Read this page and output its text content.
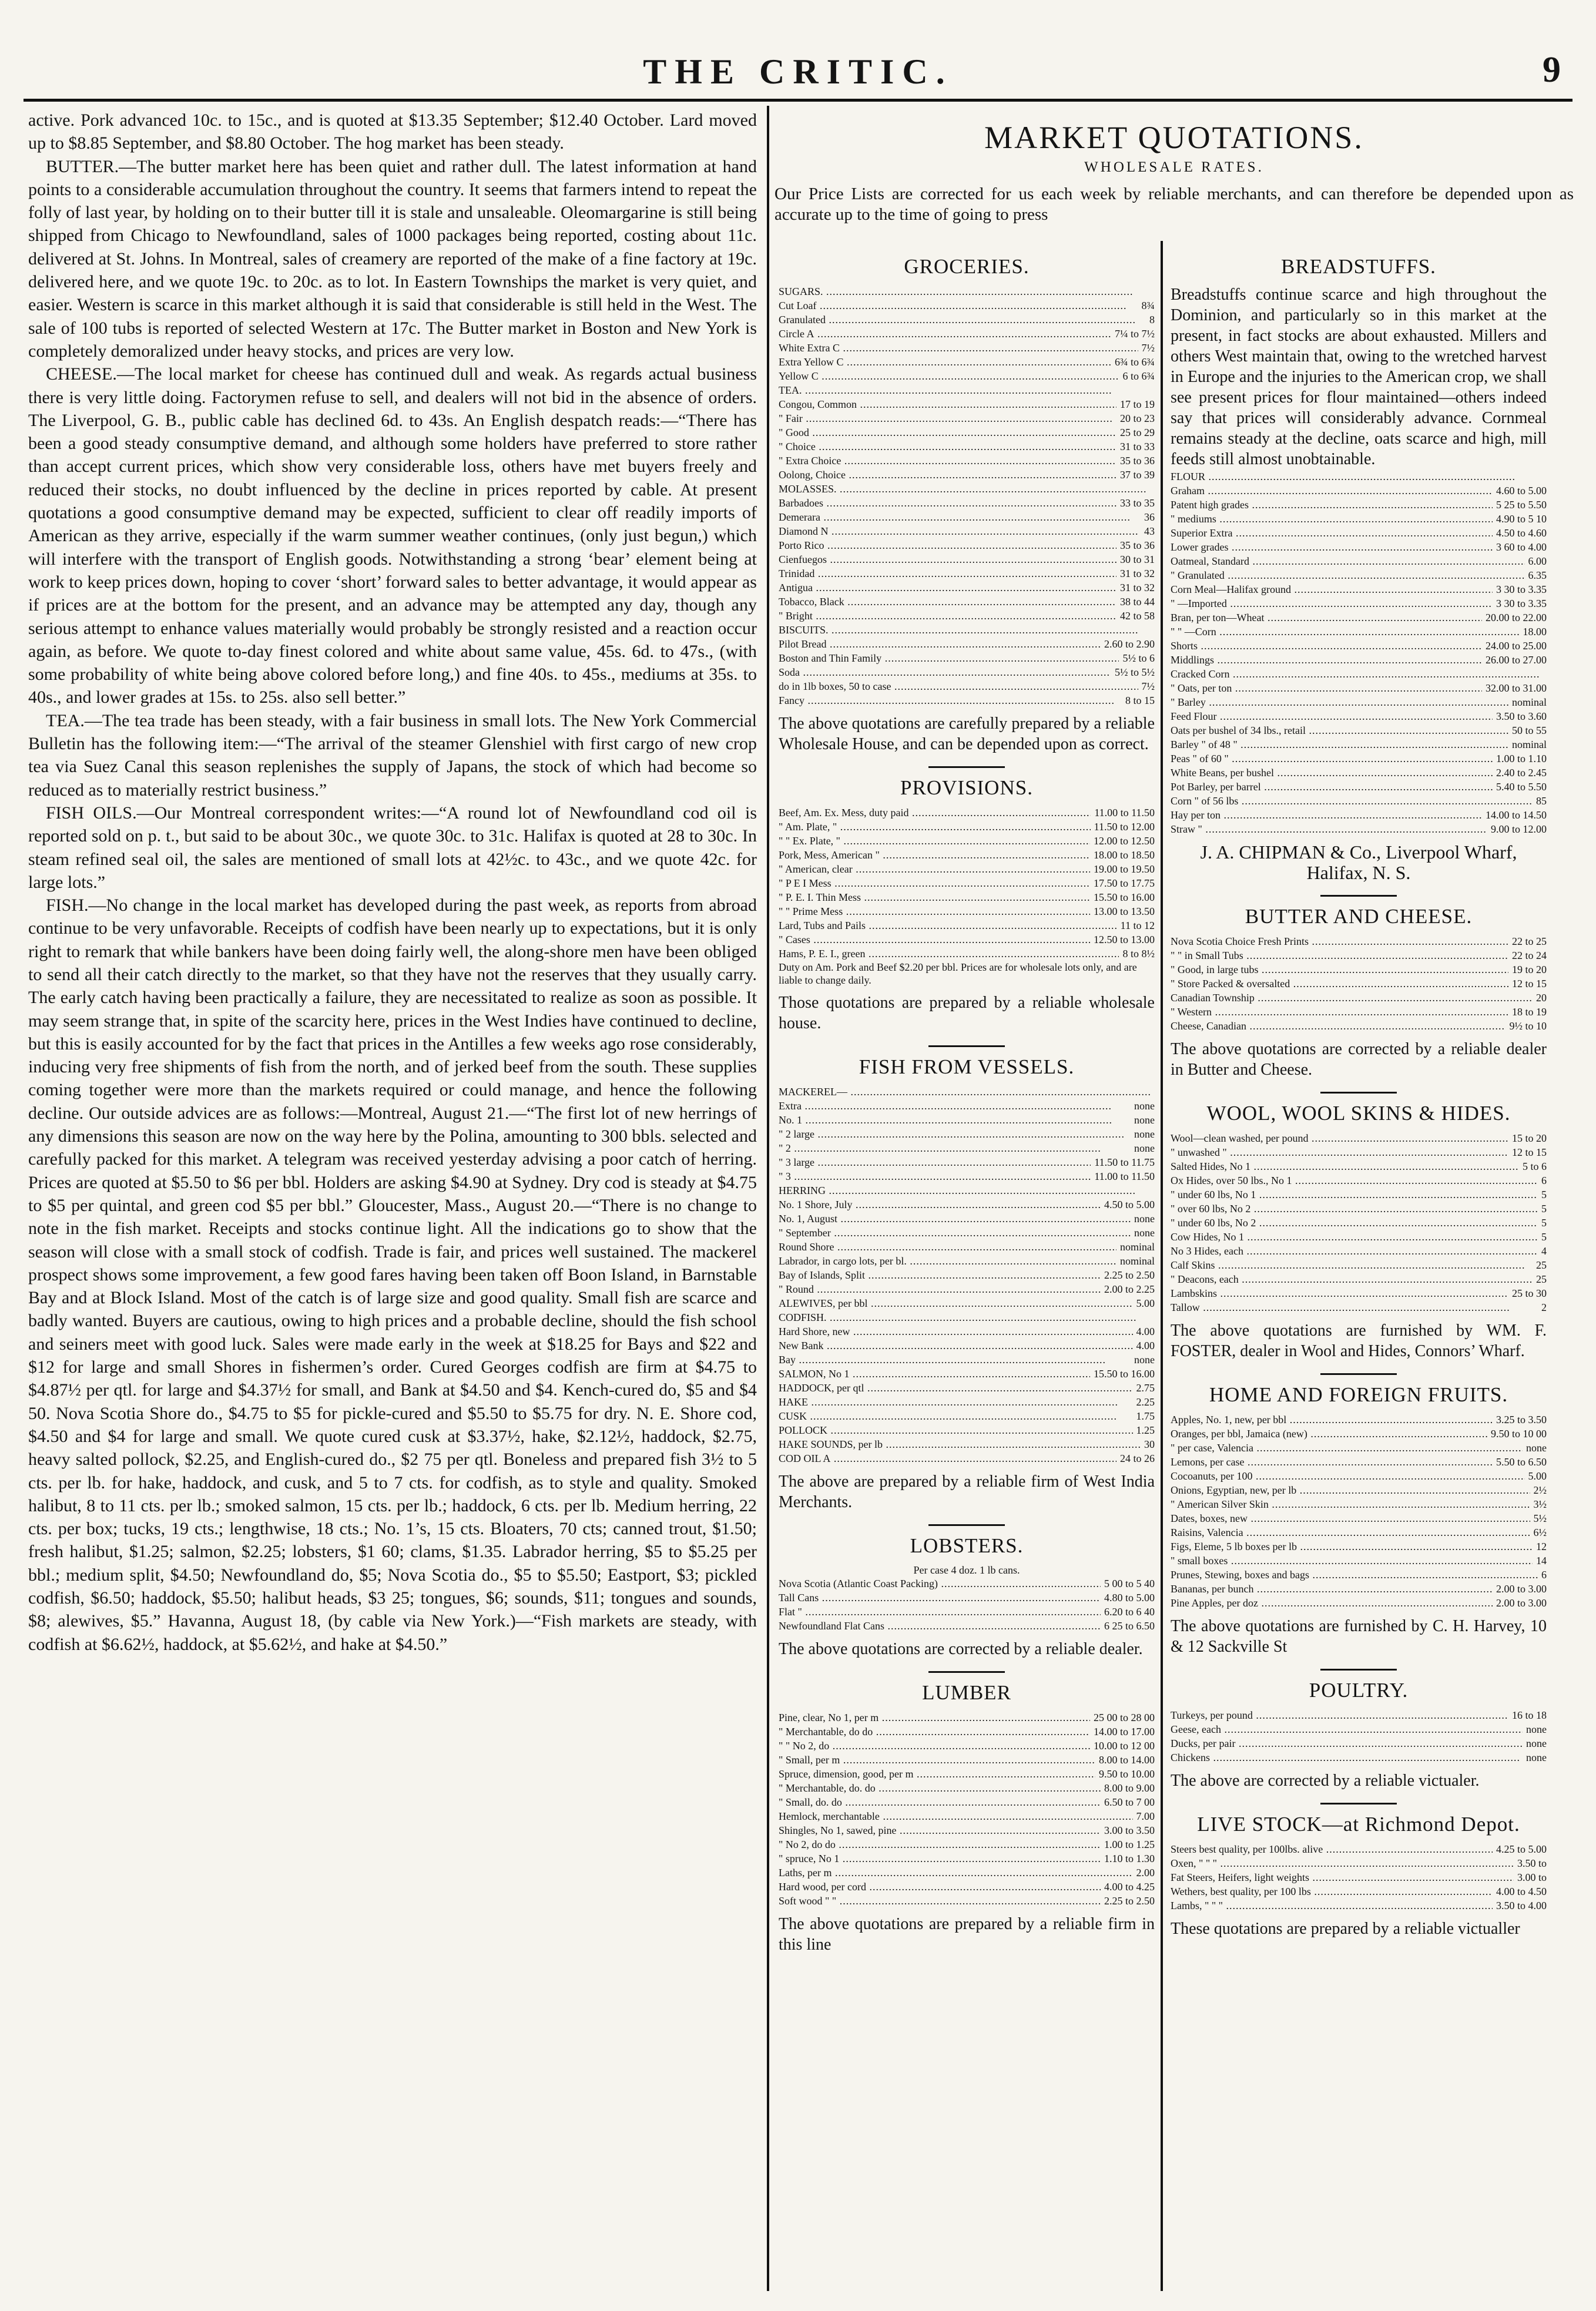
THE CRITIC.	9

active. Pork advanced 10c. to 15c., and is quoted at $13.35 September; $12.40 October. Lard moved up to $8.85 September, and $8.80 October. The hog market has been steady.

BUTTER.—The butter market here has been quiet and rather dull. The latest information at hand points to a considerable accumulation throughout the country. It seems that farmers intend to repeat the folly of last year, by holding on to their butter till it is stale and unsaleable. Oleomargarine is still being shipped from Chicago to Newfoundland, sales of 1000 packages being reported, costing about 11c. delivered at St. Johns. In Montreal, sales of creamery are reported of the make of a fine factory at 19c. delivered here, and we quote 19c. to 20c. as to lot. In Eastern Townships the market is very quiet, and easier. Western is scarce in this market although it is said that considerable is still held in the West. The sale of 100 tubs is reported of selected Western at 17c. The Butter market in Boston and New York is completely demoralized under heavy stocks, and prices are very low.

CHEESE.—The local market for cheese has continued dull and weak. As regards actual business there is very little doing. Factorymen refuse to sell, and dealers will not bid in the absence of orders. The Liverpool, G. B., public cable has declined 6d. to 43s. An English despatch reads:—“There has been a good steady consumptive demand, and although some holders have preferred to store rather than accept current prices, which show very considerable loss, others have met buyers freely and reduced their stocks, no doubt influenced by the decline in prices reported by cable. At present quotations a good consumptive demand may be expected, sufficient to clear off readily imports of American as they arrive, especially if the warm summer weather continues, (only just begun,) which will interfere with the transport of English goods. Notwithstanding a strong ‘bear’ element being at work to keep prices down, hoping to cover ‘short’ forward sales to better advantage, it would appear as if prices are at the bottom for the present, and an advance may be attempted any day, though any serious attempt to enhance values materially would probably be strongly resisted and a reaction occur again, as before. We quote to-day finest colored and white about same value, 45s. 6d. to 47s., (with some probability of white being above colored before long,) and fine 40s. to 45s., mediums at 35s. to 40s., and lower grades at 15s. to 25s. also sell better.”

TEA.—The tea trade has been steady, with a fair business in small lots. The New York Commercial Bulletin has the following item:—“The arrival of the steamer Glenshiel with first cargo of new crop tea via Suez Canal this season replenishes the supply of Japans, the stock of which had become so reduced as to materially restrict business.”

FISH OILS.—Our Montreal correspondent writes:—“A round lot of Newfoundland cod oil is reported sold on p. t., but said to be about 30c., we quote 30c. to 31c. Halifax is quoted at 28 to 30c. In steam refined seal oil, the sales are mentioned of small lots at 42½c. to 43c., and we quote 42c. for large lots.”

FISH.—No change in the local market has developed during the past week, as reports from abroad continue to be very unfavorable. Receipts of codfish have been nearly up to expectations, but it is only right to remark that while bankers have been doing fairly well, the along-shore men have been obliged to send all their catch directly to the market, so that they have not the reserves that they usually carry. The early catch having been practically a failure, they are necessitated to realize as soon as possible. It may seem strange that, in spite of the scarcity here, prices in the West Indies have continued to decline, but this is easily accounted for by the fact that prices in the Antilles a few weeks ago rose considerably, inducing very free shipments of fish from the north, and of jerked beef from the south. These supplies coming together were more than the markets required or could manage, and hence the following decline. Our outside advices are as follows:—Montreal, August 21.—“The first lot of new herrings of any dimensions this season are now on the way here by the Polina, amounting to 300 bbls. selected and carefully packed for this market. A telegram was received yesterday advising a poor catch of herring. Prices are quoted at $5.50 to $6 per bbl. Holders are asking $4.90 at Sydney. Dry cod is steady at $4.75 to $5 per quintal, and green cod $5 per bbl.” Gloucester, Mass., August 20.—“There is no change to note in the fish market. Receipts and stocks continue light. All the indications go to show that the season will close with a small stock of codfish. Trade is fair, and prices well sustained. The mackerel prospect shows some improvement, a few good fares having been taken off Boon Island, in Barnstable Bay and at Block Island. Most of the catch is of large size and good quality. Small fish are scarce and badly wanted. Buyers are cautious, owing to high prices and a probable decline, should the fish school and seiners meet with good luck. Sales were made early in the week at $18.25 for Bays and $22 and $12 for large and small Shores in fishermen’s order. Cured Georges codfish are firm at $4.75 to $4.87½ per qtl. for large and $4.37½ for small, and Bank at $4.50 and $4. Kench-cured do, $5 and $4 50. Nova Scotia Shore do., $4.75 to $5 for pickle-cured and $5.50 to $5.75 for dry. N. E. Shore cod, $4.50 and $4 for large and small. We quote cured cusk at $3.37½, hake, $2.12½, haddock, $2.75, heavy salted pollock, $2.25, and English-cured do., $2 75 per qtl. Boneless and prepared fish 3½ to 5 cts. per lb. for hake, haddock, and cusk, and 5 to 7 cts. for codfish, as to style and quality. Smoked halibut, 8 to 11 cts. per lb.; smoked salmon, 15 cts. per lb.; haddock, 6 cts. per lb. Medium herring, 22 cts. per box; tucks, 19 cts.; lengthwise, 18 cts.; No. 1’s, 15 cts. Bloaters, 70 cts; canned trout, $1.50; fresh halibut, $1.25; salmon, $2.25; lobsters, $1 60; clams, $1.35. Labrador herring, $5 to $5.25 per bbl.; medium split, $4.50; Newfoundland do, $5; Nova Scotia do., $5 to $5.50; Eastport, $3; pickled codfish, $6.50; haddock, $5.50; halibut heads, $3 25; tongues, $6; sounds, $11; tongues and sounds, $8; alewives, $5.” Havanna, August 18, (by cable via New York.)—“Fish markets are steady, with codfish at $6.62½, haddock, at $5.62½, and hake at $4.50.”

MARKET QUOTATIONS.
WHOLESALE RATES.
Our Price Lists are corrected for us each week by reliable merchants, and can therefore be depended upon as accurate up to the time of going to press
GROCERIES.
SUGARS. .....
Cut Loaf .....	8¾
Granulated .....	8
Circle A .....	7¼ to 7½
White Extra C .....	7½
Extra Yellow C .....	6¾ to 6¾
Yellow C .....	6 to 6¾
TEA. .....
Congou, Common .....	17 to 19
" Fair .....	20 to 23
" Good .....	25 to 29
" Choice .....	31 to 33
" Extra Choice .....	35 to 36
Oolong, Choice .....	37 to 39
MOLASSES. .....
Barbadoes .....	33 to 35
Demerara .....	36
Diamond N .....	43
Porto Rico .....	35 to 36
Cienfuegos .....	30 to 31
Trinidad .....	31 to 32
Antigua .....	31 to 32
Tobacco, Black .....	38 to 44
" Bright .....	42 to 58
BISCUITS. .....
Pilot Bread .....	2.60 to 2.90
Boston and Thin Family .....	5½ to 6
Soda .....	5½ to 5½
do in 1lb boxes, 50 to case .....	7½
Fancy .....	8 to 15
The above quotations are carefully prepared by a reliable Wholesale House, and can be depended upon as correct.
PROVISIONS.
Beef, Am. Ex. Mess, duty paid .....	11.00 to 11.50
" Am. Plate, " .....	11.50 to 12.00
" " Ex. Plate, " .....	12.00 to 12.50
Pork, Mess, American " .....	18.00 to 18.50
" American, clear .....	19.00 to 19.50
" P E I Mess .....	17.50 to 17.75
" P. E. I. Thin Mess .....	15.50 to 16.00
" " Prime Mess .....	13.00 to 13.50
Lard, Tubs and Pails .....	11 to 12
" Cases .....	12.50 to 13.00
Hams, P. E. I., green .....	8 to 8½
Duty on Am. Pork and Beef $2.20 per bbl. Prices are for wholesale lots only, and are liable to change daily.
Those quotations are prepared by a reliable wholesale house.
FISH FROM VESSELS.
MACKEREL— .....
Extra .....	none
No. 1 .....	none
" 2 large .....	none
" 2 .....	none
" 3 large .....	11.50 to 11.75
" 3 .....	11.00 to 11.50
HERRING .....
No. 1 Shore, July .....	4.50 to 5.00
No. 1, August .....	none
" September .....	none
Round Shore .....	nominal
Labrador, in cargo lots, per bl. .....	nominal
Bay of Islands, Split .....	2.25 to 2.50
" Round .....	2.00 to 2.25
ALEWIVES, per bbl .....	5.00
CODFISH. .....
Hard Shore, new .....	4.00
New Bank .....	4.00
Bay .....	none
SALMON, No 1 .....	15.50 to 16.00
HADDOCK, per qtl .....	2.75
HAKE .....	2.25
CUSK .....	1.75
POLLOCK .....	1.25
HAKE SOUNDS, per lb .....	30
COD OIL A .....	24 to 26
The above are prepared by a reliable firm of West India Merchants.
LOBSTERS.
Per case 4 doz. 1 lb cans.
Nova Scotia (Atlantic Coast Packing) .....	5 00 to 5 40
Tall Cans .....	4.80 to 5.00
Flat " .....	6.20 to 6 40
Newfoundland Flat Cans .....	6 25 to 6.50
The above quotations are corrected by a reliable dealer.
LUMBER
Pine, clear, No 1, per m .....	25 00 to 28 00
" Merchantable, do do .....	14.00 to 17.00
" " No 2, do .....	10.00 to 12 00
" Small, per m .....	8.00 to 14.00
Spruce, dimension, good, per m .....	9.50 to 10.00
" Merchantable, do. do .....	8.00 to 9.00
" Small, do. do .....	6.50 to 7 00
Hemlock, merchantable .....	7.00
Shingles, No 1, sawed, pine .....	3.00 to 3.50
" No 2, do do .....	1.00 to 1.25
" spruce, No 1 .....	1.10 to 1.30
Laths, per m .....	2.00
Hard wood, per cord .....	4.00 to 4.25
Soft wood " " .....	2.25 to 2.50
The above quotations are prepared by a reliable firm in this line
BREADSTUFFS.
Breadstuffs continue scarce and high throughout the Dominion, and particularly so in this market at the present, in fact stocks are about exhausted. Millers and others West maintain that, owing to the wretched harvest in Europe and the injuries to the American crop, we shall see present prices for flour maintained—others indeed say that prices will considerably advance. Cornmeal remains steady at the decline, oats scarce and high, mill feeds still almost unobtainable.
FLOUR .....
Graham .....	4.60 to 5.00
Patent high grades .....	5 25 to 5.50
" mediums .....	4.90 to 5 10
Superior Extra .....	4.50 to 4.60
Lower grades .....	3 60 to 4.00
Oatmeal, Standard .....	6.00
" Granulated .....	6.35
Corn Meal—Halifax ground .....	3 30 to 3.35
" —Imported .....	3 30 to 3.35
Bran, per ton—Wheat .....	20.00 to 22.00
" " —Corn .....	18.00
Shorts .....	24.00 to 25.00
Middlings .....	26.00 to 27.00
Cracked Corn .....
" Oats, per ton .....	32.00 to 31.00
" Barley .....	nominal
Feed Flour .....	3.50 to 3.60
Oats per bushel of 34 lbs., retail .....	50 to 55
Barley " of 48 " .....	nominal
Peas " of 60 " .....	1.00 to 1.10
White Beans, per bushel .....	2.40 to 2.45
Pot Barley, per barrel .....	5.40 to 5.50
Corn " of 56 lbs .....	85
Hay per ton .....	14.00 to 14.50
Straw " .....	9.00 to 12.00
J. A. CHIPMAN & Co., Liverpool Wharf, Halifax, N. S.
BUTTER AND CHEESE.
Nova Scotia Choice Fresh Prints .....	22 to 25
" " in Small Tubs .....	22 to 24
" Good, in large tubs .....	19 to 20
" Store Packed & oversalted .....	12 to 15
Canadian Township .....	20
" Western .....	18 to 19
Cheese, Canadian .....	9½ to 10
The above quotations are corrected by a reliable dealer in Butter and Cheese.
WOOL, WOOL SKINS & HIDES.
Wool—clean washed, per pound .....	15 to 20
" unwashed " .....	12 to 15
Salted Hides, No 1 .....	5 to 6
Ox Hides, over 50 lbs., No 1 .....	6
" under 60 lbs, No 1 .....	5
" over 60 lbs, No 2 .....	5
" under 60 lbs, No 2 .....	5
Cow Hides, No 1 .....	5
No 3 Hides, each .....	4
Calf Skins .....	25
" Deacons, each .....	25
Lambskins .....	25 to 30
Tallow .....	2
The above quotations are furnished by WM. F. FOSTER, dealer in Wool and Hides, Connors’ Wharf.
HOME AND FOREIGN FRUITS.
Apples, No. 1, new, per bbl .....	3.25 to 3.50
Oranges, per bbl, Jamaica (new) .....	9.50 to 10 00
" per case, Valencia .....	none
Lemons, per case .....	5.50 to 6.50
Cocoanuts, per 100 .....	5.00
Onions, Egyptian, new, per lb .....	2½
" American Silver Skin .....	3½
Dates, boxes, new .....	5½
Raisins, Valencia .....	6½
Figs, Eleme, 5 lb boxes per lb .....	12
" small boxes .....	14
Prunes, Stewing, boxes and bags .....	6
Bananas, per bunch .....	2.00 to 3.00
Pine Apples, per doz .....	2.00 to 3.00
The above quotations are furnished by C. H. Harvey, 10 & 12 Sackville St
POULTRY.
Turkeys, per pound .....	16 to 18
Geese, each .....	none
Ducks, per pair .....	none
Chickens .....	none
The above are corrected by a reliable victualer.
LIVE STOCK—at Richmond Depot.
Steers best quality, per 100lbs. alive .....	4.25 to 5.00
Oxen, " " " .....	3.50 to
Fat Steers, Heifers, light weights .....	3.00 to
Wethers, best quality, per 100 lbs .....	4.00 to 4.50
Lambs, " " " .....	3.50 to 4.00
These quotations are prepared by a reliable victualler
